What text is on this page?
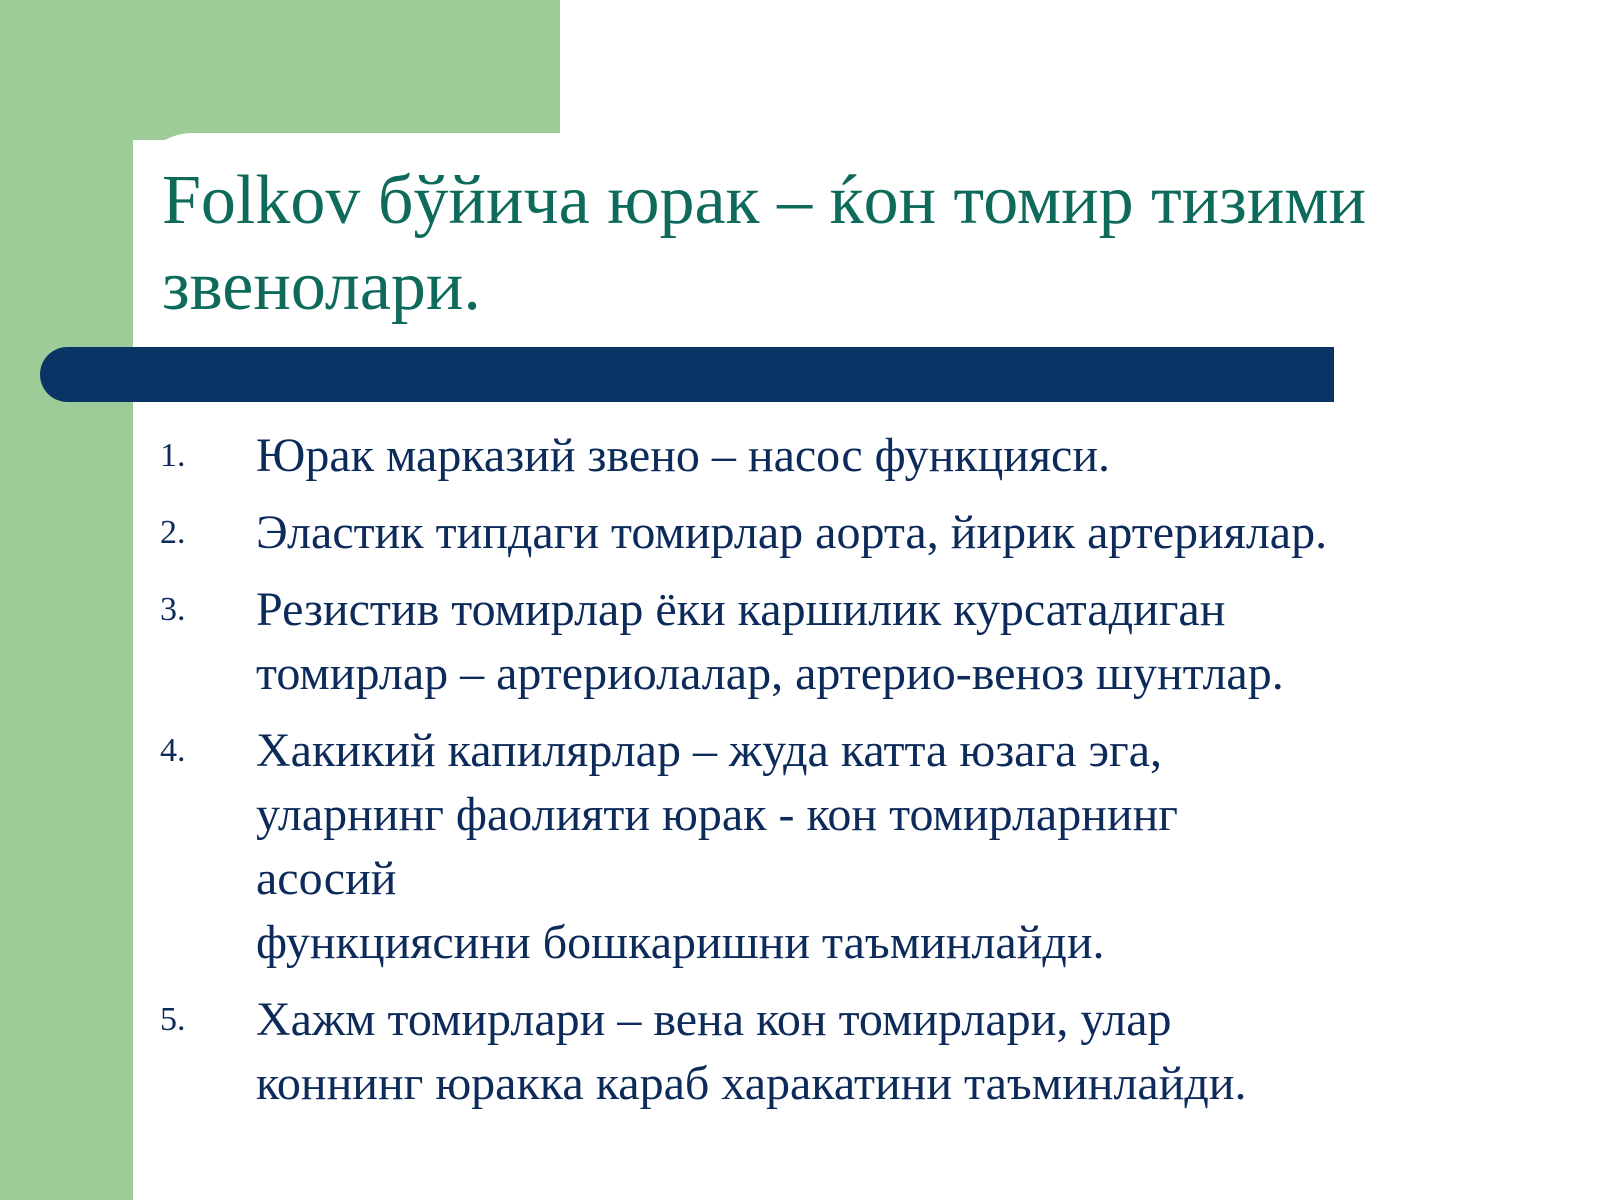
Folkov бўйича юрак – ќон томир тизими звенолари.
1.	Юрак марказий звено – насос функцияси.
2.	Эластик типдаги томирлар аорта, йирик артериялар.
3.	Резистив томирлар ёки каршилик курсатадиган
томирлар – артериолалар, артерио-веноз шунтлар.
4.	Хакикий капилярлар – жуда катта юзага эга,
уларнинг фаолияти юрак - кон томирларнинг
асосий
функциясини бошкаришни таъминлайди.
5.	Хажм томирлари – вена кон томирлари, улар
коннинг юракка караб харакатини таъминлайди.
